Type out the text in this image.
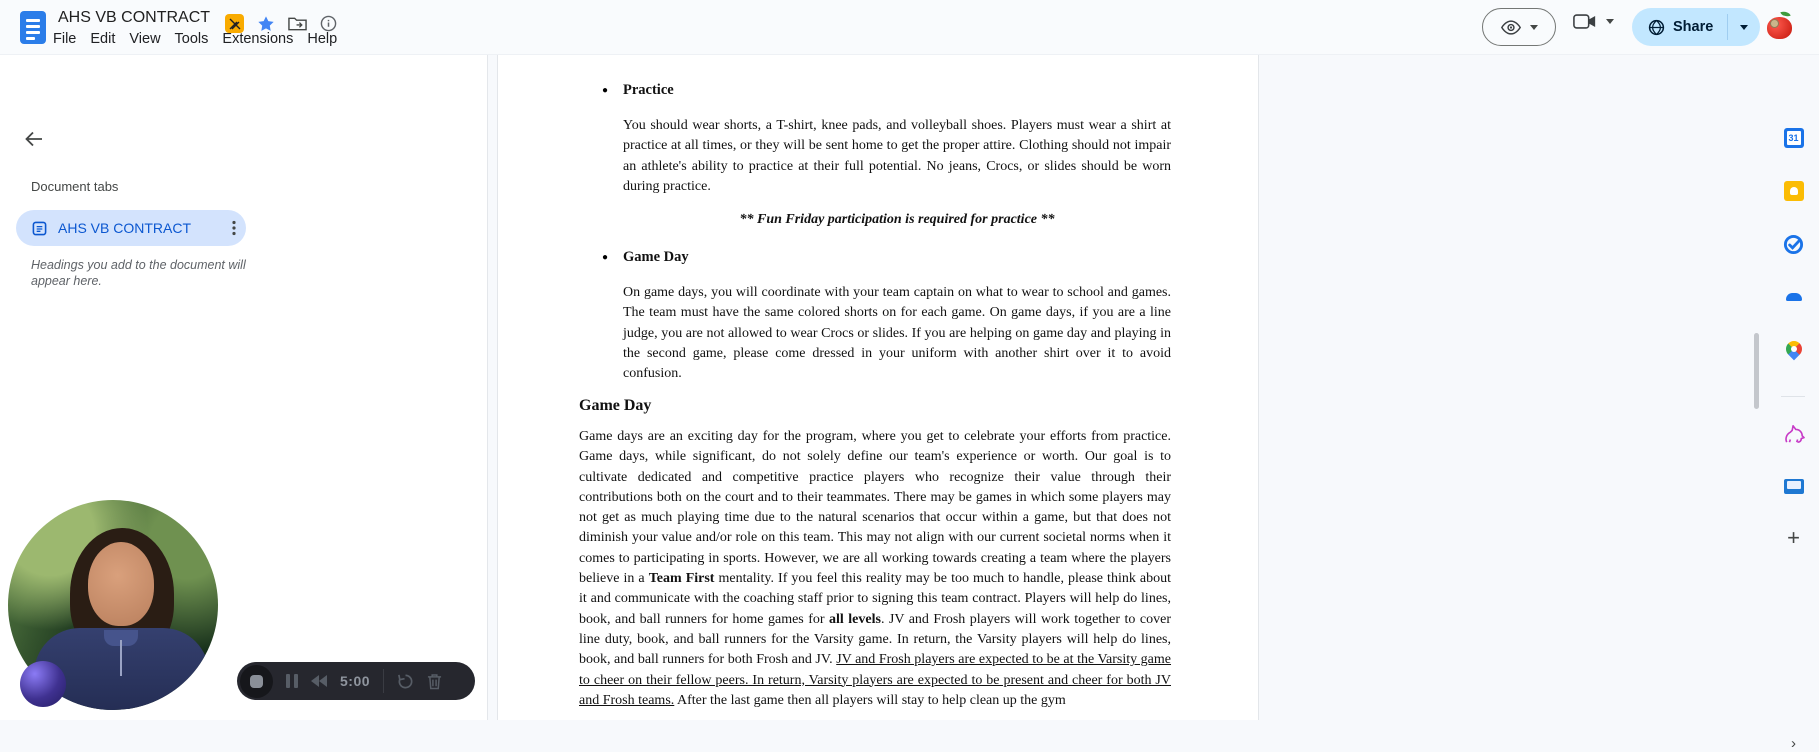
AHS VB CONTRACT
File Edit View Tools Extensions Help
Share
Document tabs
AHS VB CONTRACT
Headings you add to the document will appear here.
● Practice
You should wear shorts, a T-shirt, knee pads, and volleyball shoes. Players must wear a shirt at practice at all times, or they will be sent home to get the proper attire. Clothing should not impair an athlete's ability to practice at their full potential. No jeans, Crocs, or slides should be worn during practice.
** Fun Friday participation is required for practice **
● Game Day
On game days, you will coordinate with your team captain on what to wear to school and games. The team must have the same colored shorts on for each game. On game days, if you are a line judge, you are not allowed to wear Crocs or slides. If you are helping on game day and playing in the second game, please come dressed in your uniform with another shirt over it to avoid confusion.
Game Day
Game days are an exciting day for the program, where you get to celebrate your efforts from practice. Game days, while significant, do not solely define our team's experience or worth. Our goal is to cultivate dedicated and competitive practice players who recognize their value through their contributions both on the court and to their teammates. There may be games in which some players may not get as much playing time due to the natural scenarios that occur within a game, but that does not diminish your value and/or role on this team. This may not align with our current societal norms when it comes to participating in sports. However, we are all working towards creating a team where the players believe in a Team First mentality. If you feel this reality may be too much to handle, please think about it and communicate with the coaching staff prior to signing this team contract. Players will help do lines, book, and ball runners for home games for all levels. JV and Frosh players will work together to cover line duty, book, and ball runners for the Varsity game. In return, the Varsity players will help do lines, book, and ball runners for both Frosh and JV. JV and Frosh players are expected to be at the Varsity game to cheer on their fellow peers. In return, Varsity players are expected to be present and cheer for both JV and Frosh teams. After the last game then all players will stay to help clean up the gym
31
+
›
5:00
